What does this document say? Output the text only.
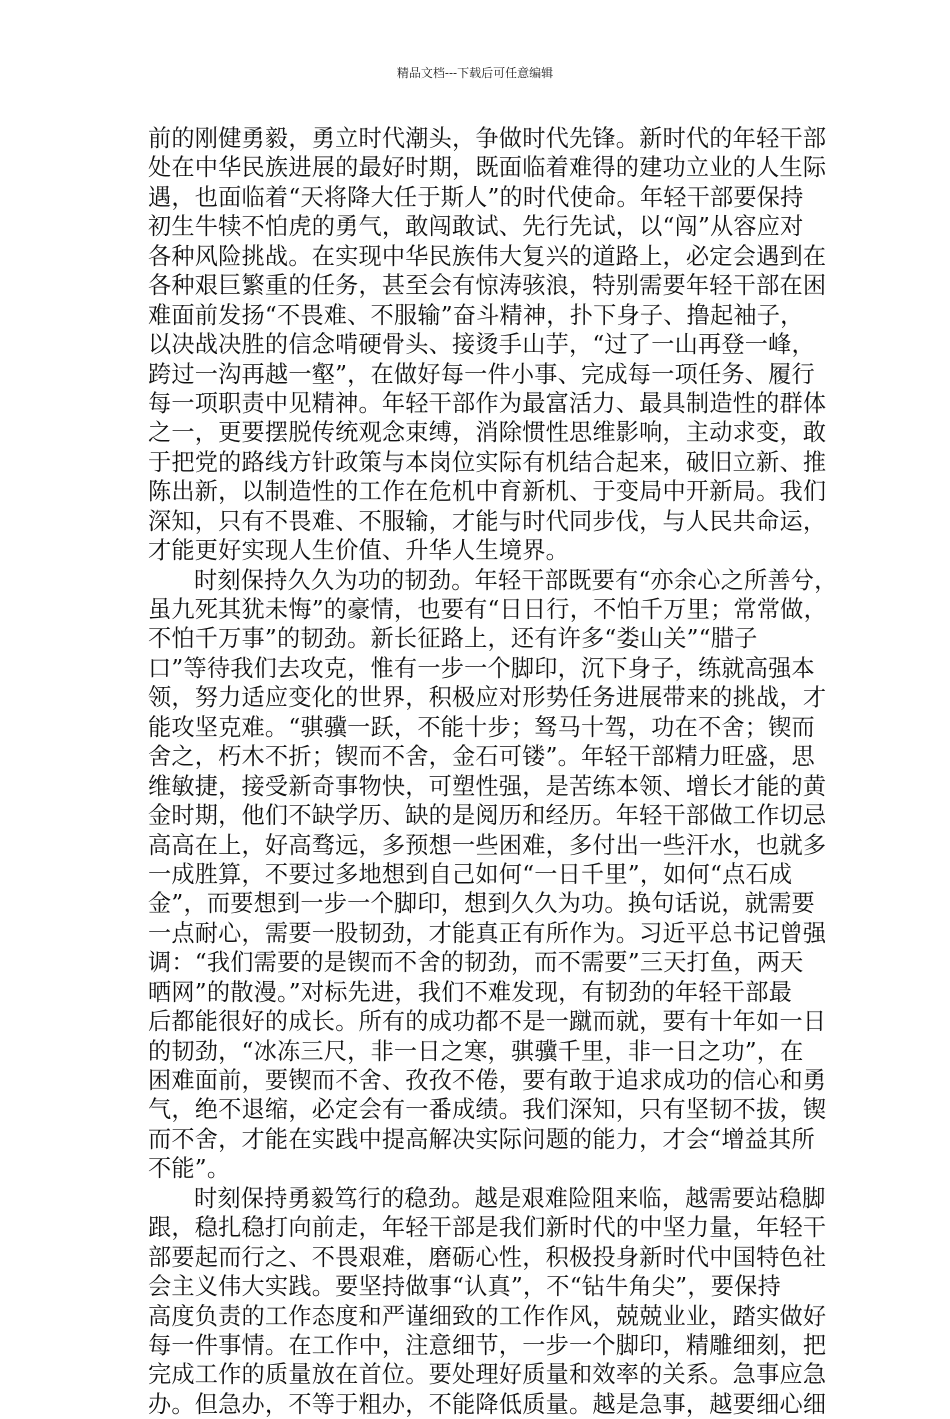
精品文档---下载后可任意编辑
前的刚健勇毅，勇立时代潮头，争做时代先锋。新时代的年轻干部
处在中华民族进展的最好时期，既面临着难得的建功立业的人生际
遇，也面临着“天将降大任于斯人”的时代使命。年轻干部要保持
初生牛犊不怕虎的勇气，敢闯敢试、先行先试，以“闯”从容应对
各种风险挑战。在实现中华民族伟大复兴的道路上，必定会遇到在
各种艰巨繁重的任务，甚至会有惊涛骇浪，特别需要年轻干部在困
难面前发扬“不畏难、不服输”奋斗精神，扑下身子、撸起袖子，
以决战决胜的信念啃硬骨头、接烫手山芋，“过了一山再登一峰，
跨过一沟再越一壑”，在做好每一件小事、完成每一项任务、履行
每一项职责中见精神。年轻干部作为最富活力、最具制造性的群体
之一，更要摆脱传统观念束缚，消除惯性思维影响，主动求变，敢
于把党的路线方针政策与本岗位实际有机结合起来，破旧立新、推
陈出新，以制造性的工作在危机中育新机、于变局中开新局。我们
深知，只有不畏难、不服输，才能与时代同步伐，与人民共命运，
才能更好实现人生价值、升华人生境界。
时刻保持久久为功的韧劲。年轻干部既要有“亦余心之所善兮，
虽九死其犹未悔”的豪情，也要有“日日行，不怕千万里；常常做，
不怕千万事”的韧劲。新长征路上，还有许多“娄山关”“腊子
口”等待我们去攻克，惟有一步一个脚印，沉下身子，练就高强本
领，努力适应变化的世界，积极应对形势任务进展带来的挑战，才
能攻坚克难。“骐骥一跃，不能十步；驽马十驾，功在不舍；锲而
舍之，朽木不折；锲而不舍，金石可镂”。年轻干部精力旺盛，思
维敏捷，接受新奇事物快，可塑性强，是苦练本领、增长才能的黄
金时期，他们不缺学历、缺的是阅历和经历。年轻干部做工作切忌
高高在上，好高骛远，多预想一些困难，多付出一些汗水，也就多
一成胜算，不要过多地想到自己如何“一日千里”，如何“点石成
金”，而要想到一步一个脚印，想到久久为功。换句话说，就需要
一点耐心，需要一股韧劲，才能真正有所作为。习近平总书记曾强
调：“我们需要的是锲而不舍的韧劲，而不需要”三天打鱼，两天
晒网”的散漫。”对标先进，我们不难发现，有韧劲的年轻干部最
后都能很好的成长。所有的成功都不是一蹴而就，要有十年如一日
的韧劲，“冰冻三尺，非一日之寒，骐骥千里，非一日之功”，在
困难面前，要锲而不舍、孜孜不倦，要有敢于追求成功的信心和勇
气，绝不退缩，必定会有一番成绩。我们深知，只有坚韧不拔，锲
而不舍，才能在实践中提高解决实际问题的能力，才会“增益其所
不能”。
时刻保持勇毅笃行的稳劲。越是艰难险阻来临，越需要站稳脚
跟，稳扎稳打向前走，年轻干部是我们新时代的中坚力量，年轻干
部要起而行之、不畏艰难，磨砺心性，积极投身新时代中国特色社
会主义伟大实践。要坚持做事“认真”，不“钻牛角尖”，要保持
高度负责的工作态度和严谨细致的工作作风，兢兢业业，踏实做好
每一件事情。在工作中，注意细节，一步一个脚印，精雕细刻，把
完成工作的质量放在首位。要处理好质量和效率的关系。急事应急
办。但急办，不等于粗办，不能降低质量。越是急事，越要细心细
